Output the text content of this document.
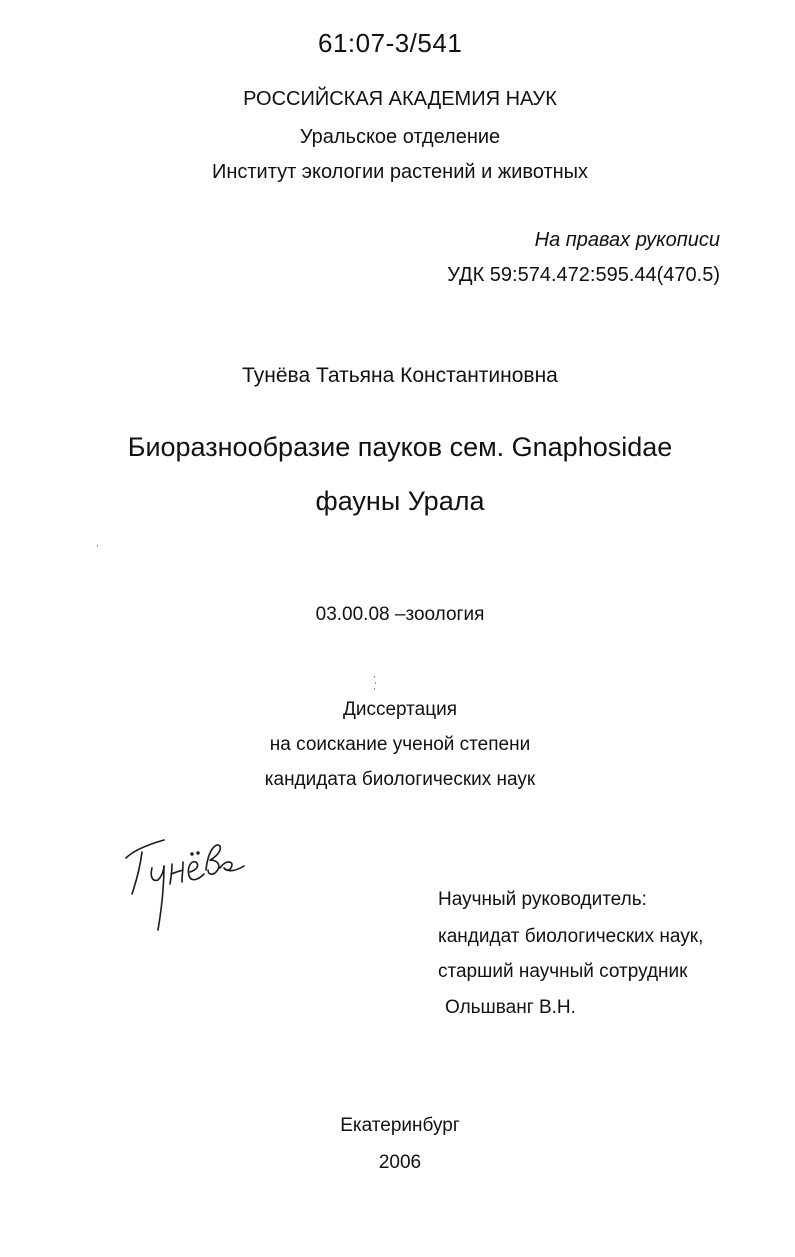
61:07-3/541
РОССИЙСКАЯ АКАДЕМИЯ НАУК
Уральское отделение
Институт экологии растений и животных
На правах рукописи
УДК 59:574.472:595.44(470.5)
Тунёва Татьяна Константиновна
Биоразнообразие пауков сем. Gnaphosidae
фауны Урала
03.00.08 –зоология
Диссертация
на соискание ученой степени
кандидата биологических наук
Научный руководитель:
кандидат биологических наук,
старший научный сотрудник
Ольшванг В.Н.
Екатеринбург
2006
